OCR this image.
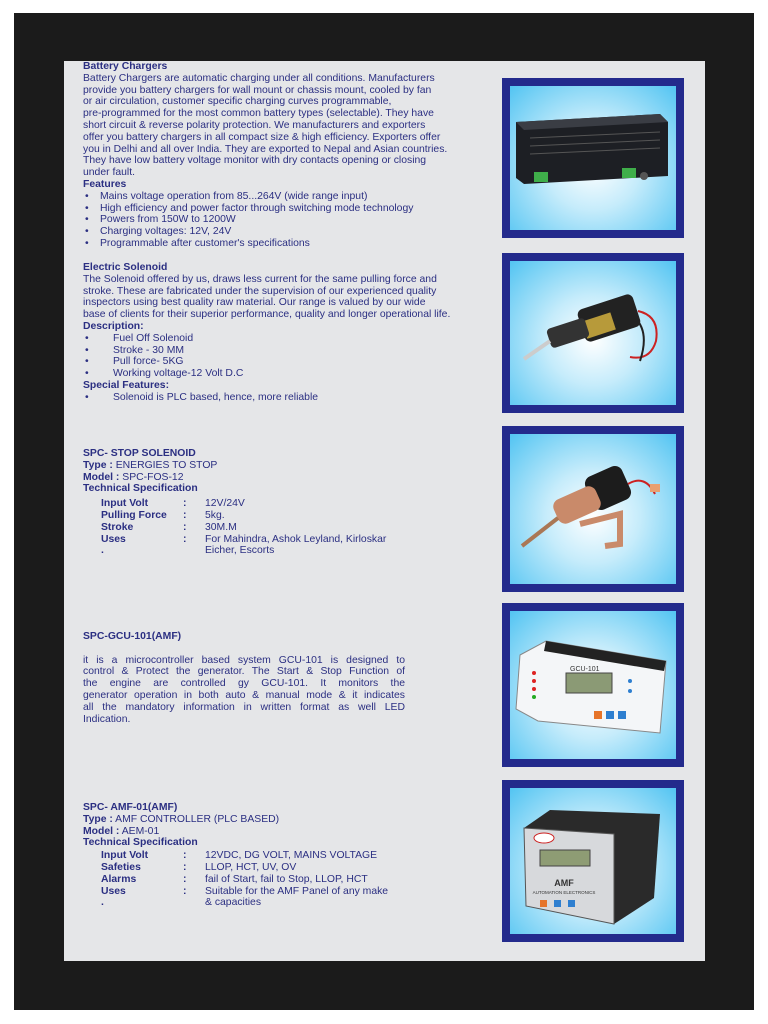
Battery Chargers
Battery Chargers are automatic charging under all conditions. Manufacturers
provide you battery chargers for wall mount or chassis mount, cooled by fan
or air circulation, customer specific charging curves programmable,
pre-programmed for the most common battery types (selectable). They have
short circuit & reverse polarity protection. We manufacturers and exporters
offer you battery chargers in all compact size & high efficiency. Exporters offer
you in Delhi and all over India. They are exported to Nepal and Asian countries.
They have low battery voltage monitor with dry contacts opening or closing
under fault.
Features
• Mains voltage operation from 85...264V (wide range input)
• High efficiency and power factor through switching mode technology
• Powers from 150W to 1200W
• Charging voltages: 12V, 24V
• Programmable after customer's specifications
Electric Solenoid
The Solenoid offered by us, draws less current for the same pulling force and
stroke. These are fabricated under the supervision of our experienced quality
inspectors using best quality raw material. Our range is valued by our wide
base of clients for their superior performance, quality and longer operational life.
Description:
• Fuel Off Solenoid
• Stroke - 30 MM
• Pull force- 5KG
• Working voltage-12 Volt D.C
Special Features:
• Solenoid is PLC based, hence, more reliable
SPC- STOP SOLENOID
Type : ENERGIES TO STOP
Model : SPC-FOS-12
Technical Specification
Input Volt	:	12V/24V
Pulling Force	:	5kg.
Stroke	:	30M.M
Uses	:	For Mahindra, Ashok Leyland, Kirloskar
.	Eicher, Escorts
SPC-GCU-101(AMF)
it is a microcontroller based system GCU-101 is designed to
control & Protect the generator. The Start & Stop Function of
the engine are controlled gy GCU-101. It monitors the
generator operation in both auto & manual mode & it indicates
all the mandatory information in written format as well LED
Indication.
SPC- AMF-01(AMF)
Type : AMF CONTROLLER (PLC BASED)
Model : AEM-01
Technical Specification
Input Volt	:	12VDC, DG VOLT, MAINS VOLTAGE
Safeties	:	LLOP, HCT, UV, OV
Alarms	:	fail of Start, fail to Stop, LLOP, HCT
Uses	:	Suitable for the AMF Panel of any make
.	& capacities
GCU-101
AMF
AUTOMATION ELECTRONICS
